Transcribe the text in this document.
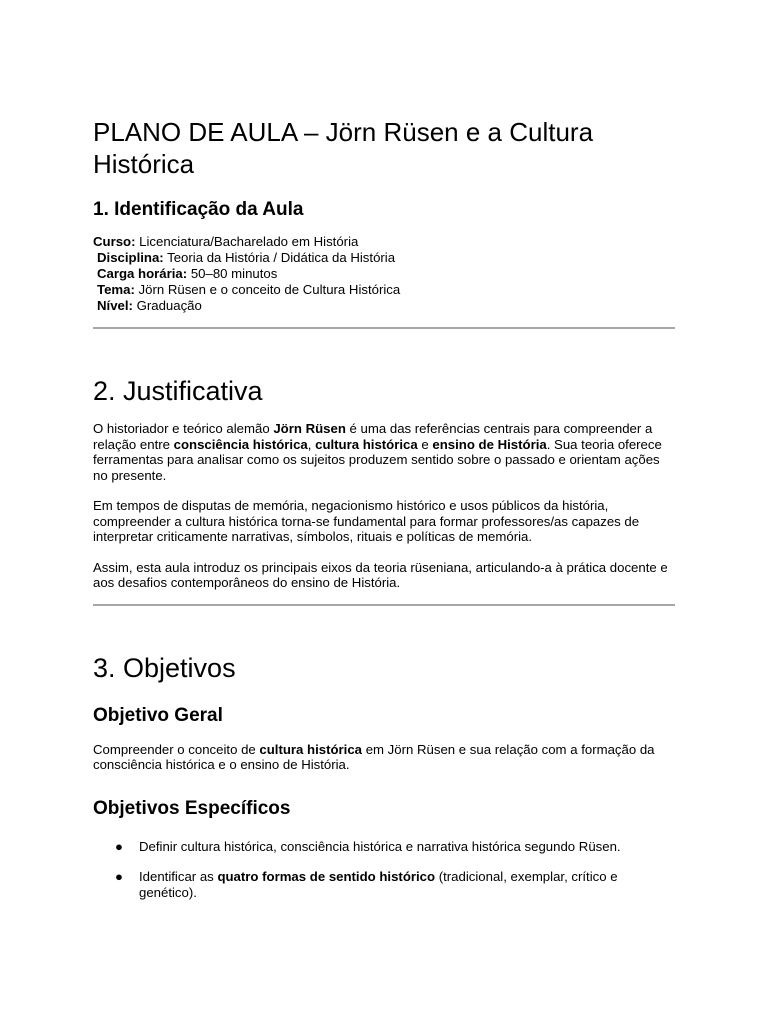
PLANO DE AULA – Jörn Rüsen e a Cultura Histórica
1. Identificação da Aula
Curso: Licenciatura/Bacharelado em História
Disciplina: Teoria da História / Didática da História
Carga horária: 50–80 minutos
Tema: Jörn Rüsen e o conceito de Cultura Histórica
Nível: Graduação
2. Justificativa

O historiador e teórico alemão Jörn Rüsen é uma das referências centrais para compreender a relação entre consciência histórica, cultura histórica e ensino de História. Sua teoria oferece ferramentas para analisar como os sujeitos produzem sentido sobre o passado e orientam ações no presente.

Em tempos de disputas de memória, negacionismo histórico e usos públicos da história, compreender a cultura histórica torna-se fundamental para formar professores/as capazes de interpretar criticamente narrativas, símbolos, rituais e políticas de memória.

Assim, esta aula introduz os principais eixos da teoria rüseniana, articulando-a à prática docente e aos desafios contemporâneos do ensino de História.

3. Objetivos
Objetivo Geral

Compreender o conceito de cultura histórica em Jörn Rüsen e sua relação com a formação da consciência histórica e o ensino de História.

Objetivos Específicos
● Definir cultura histórica, consciência histórica e narrativa histórica segundo Rüsen.
● Identificar as quatro formas de sentido histórico (tradicional, exemplar, crítico e genético).
